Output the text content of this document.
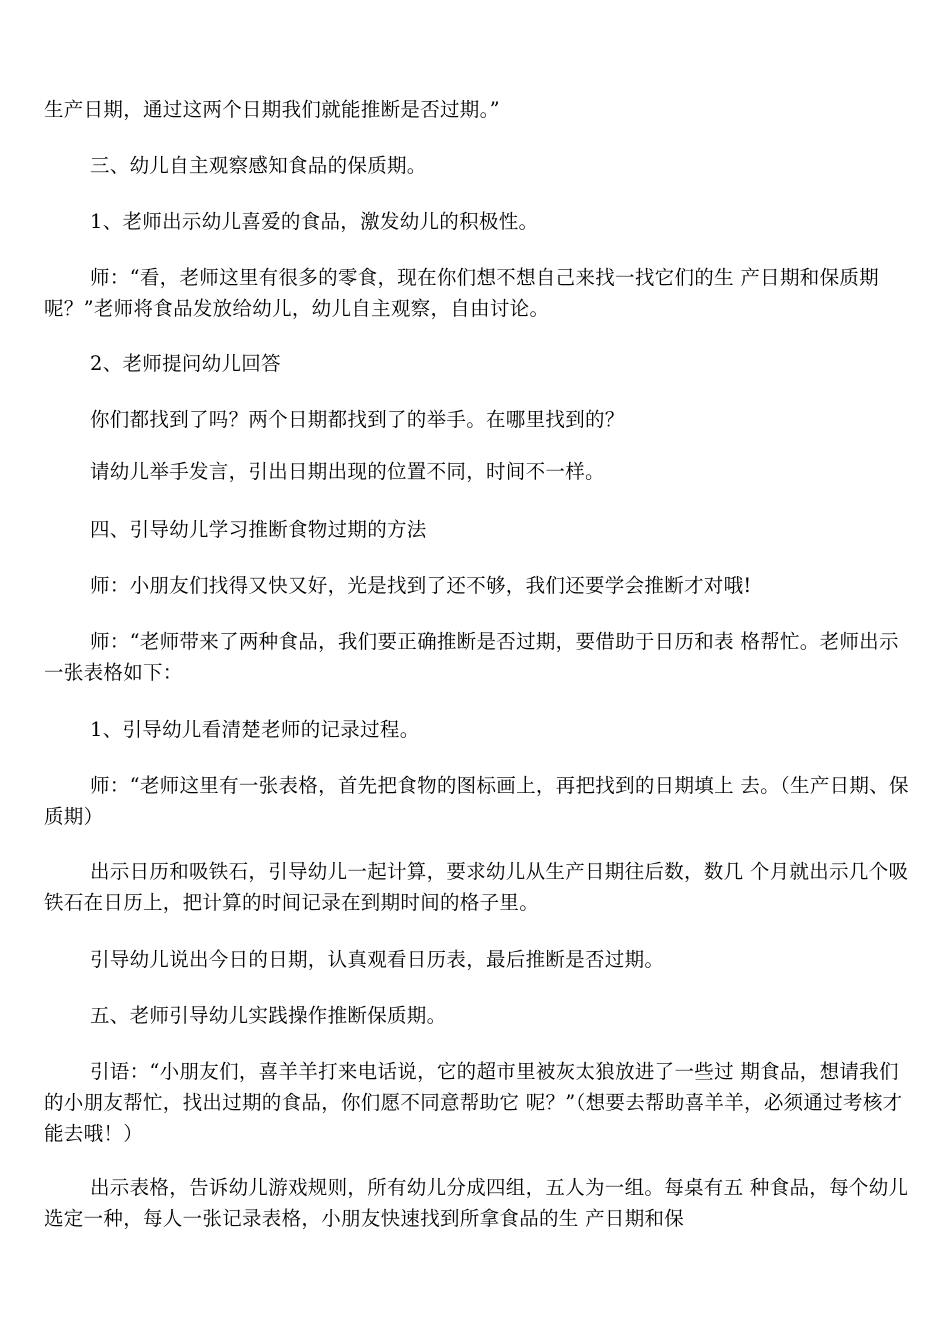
生产日期，通过这两个日期我们就能推断是否过期。”

三、幼儿自主观察感知食品的保质期。

1、老师出示幼儿喜爱的食品，激发幼儿的积极性。

师：“看，老师这里有很多的零食，现在你们想不想自己来找一找它们的生 产日期和保质期呢？”老师将食品发放给幼儿，幼儿自主观察，自由讨论。

2、老师提问幼儿回答

你们都找到了吗？两个日期都找到了的举手。在哪里找到的？

请幼儿举手发言，引出日期出现的位置不同，时间不一样。

四、引导幼儿学习推断食物过期的方法

师：小朋友们找得又快又好，光是找到了还不够，我们还要学会推断才对哦!

师：“老师带来了两种食品，我们要正确推断是否过期，要借助于日历和表 格帮忙。老师出示一张表格如下：

1、引导幼儿看清楚老师的记录过程。

师：“老师这里有一张表格，首先把食物的图标画上，再把找到的日期填上 去。（生产日期、保质期）

出示日历和吸铁石，引导幼儿一起计算，要求幼儿从生产日期往后数，数几 个月就出示几个吸铁石在日历上，把计算的时间记录在到期时间的格子里。

引导幼儿说出今日的日期，认真观看日历表，最后推断是否过期。

五、老师引导幼儿实践操作推断保质期。

引语：“小朋友们，喜羊羊打来电话说，它的超市里被灰太狼放进了一些过 期食品，想请我们的小朋友帮忙，找出过期的食品，你们愿不同意帮助它 呢？”（想要去帮助喜羊羊，必须通过考核才能去哦！）

出示表格，告诉幼儿游戏规则，所有幼儿分成四组，五人为一组。每桌有五 种食品，每个幼儿选定一种，每人一张记录表格，小朋友快速找到所拿食品的生 产日期和保
